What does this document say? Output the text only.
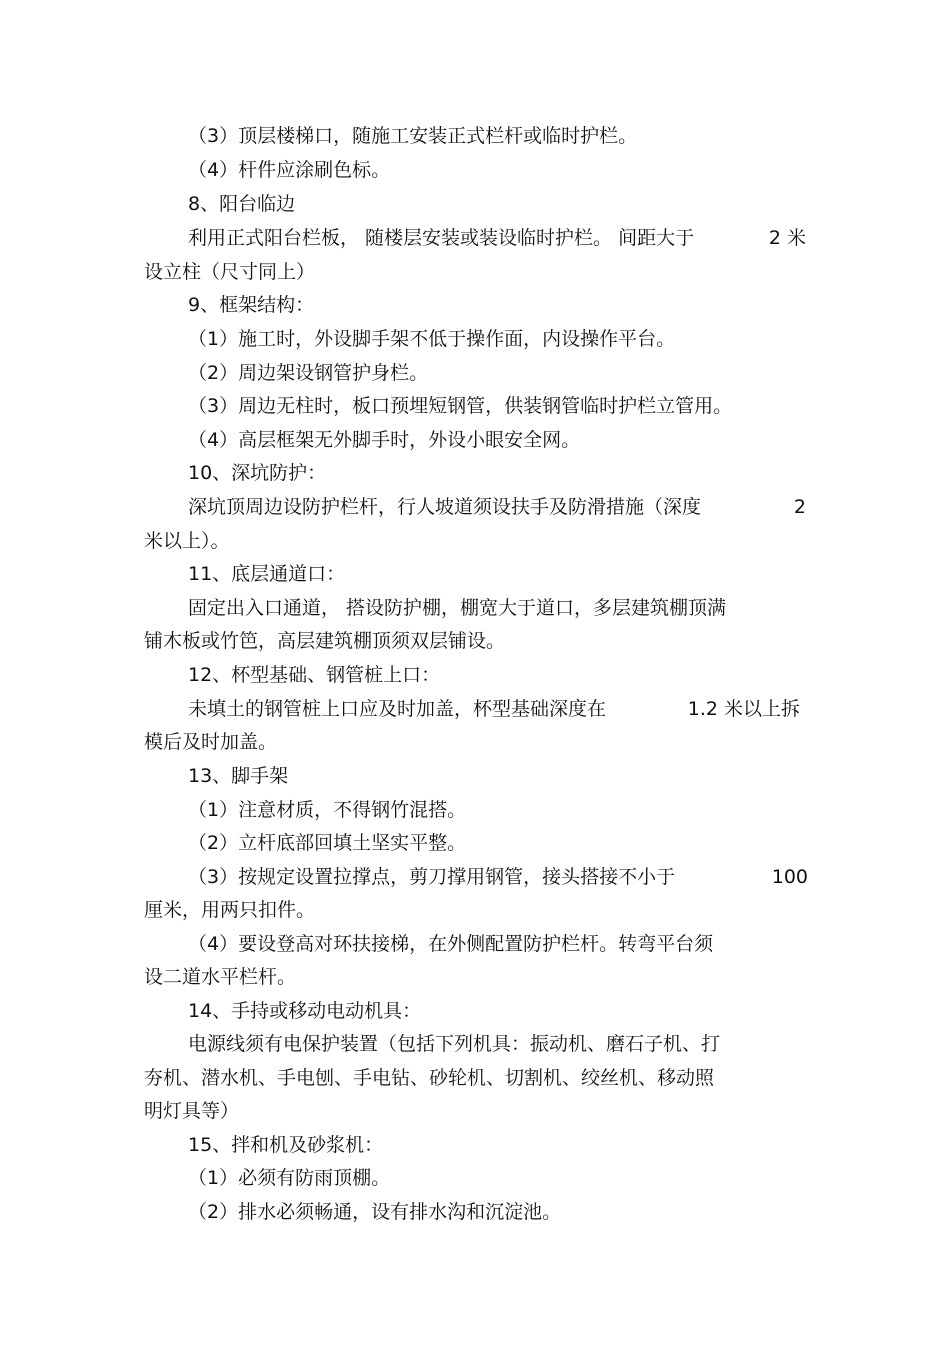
（3）顶层楼梯口，随施工安装正式栏杆或临时护栏。
（4）杆件应涂刷色标。
8、阳台临边
利用正式阳台栏板， 随楼层安装或装设临时护栏。 间距大于	2 米
设立柱（尺寸同上）
9、框架结构：
（1）施工时，外设脚手架不低于操作面，内设操作平台。
（2）周边架设钢管护身栏。
（3）周边无柱时，板口预埋短钢管，供装钢管临时护栏立管用。
（4）高层框架无外脚手时，外设小眼安全网。
10、深坑防护：
深坑顶周边设防护栏杆，行人坡道须设扶手及防滑措施（深度	2
米以上）。
11、底层通道口：
固定出入口通道， 搭设防护棚，棚宽大于道口，多层建筑棚顶满
铺木板或竹笆，高层建筑棚顶须双层铺设。
12、杯型基础、钢管桩上口：
未填土的钢管桩上口应及时加盖，杯型基础深度在	1.2 米以上拆
模后及时加盖。
13、脚手架
（1）注意材质，不得钢竹混搭。
（2）立杆底部回填土坚实平整。
（3）按规定设置拉撑点，剪刀撑用钢管，接头搭接不小于	100
厘米，用两只扣件。
（4）要设登高对环扶接梯，在外侧配置防护栏杆。转弯平台须
设二道水平栏杆。
14、手持或移动电动机具：
电源线须有电保护装置（包括下列机具：振动机、磨石子机、打
夯机、潜水机、手电刨、手电钻、砂轮机、切割机、绞丝机、移动照
明灯具等）
15、拌和机及砂浆机：
（1）必须有防雨顶棚。
（2）排水必须畅通，设有排水沟和沉淀池。
